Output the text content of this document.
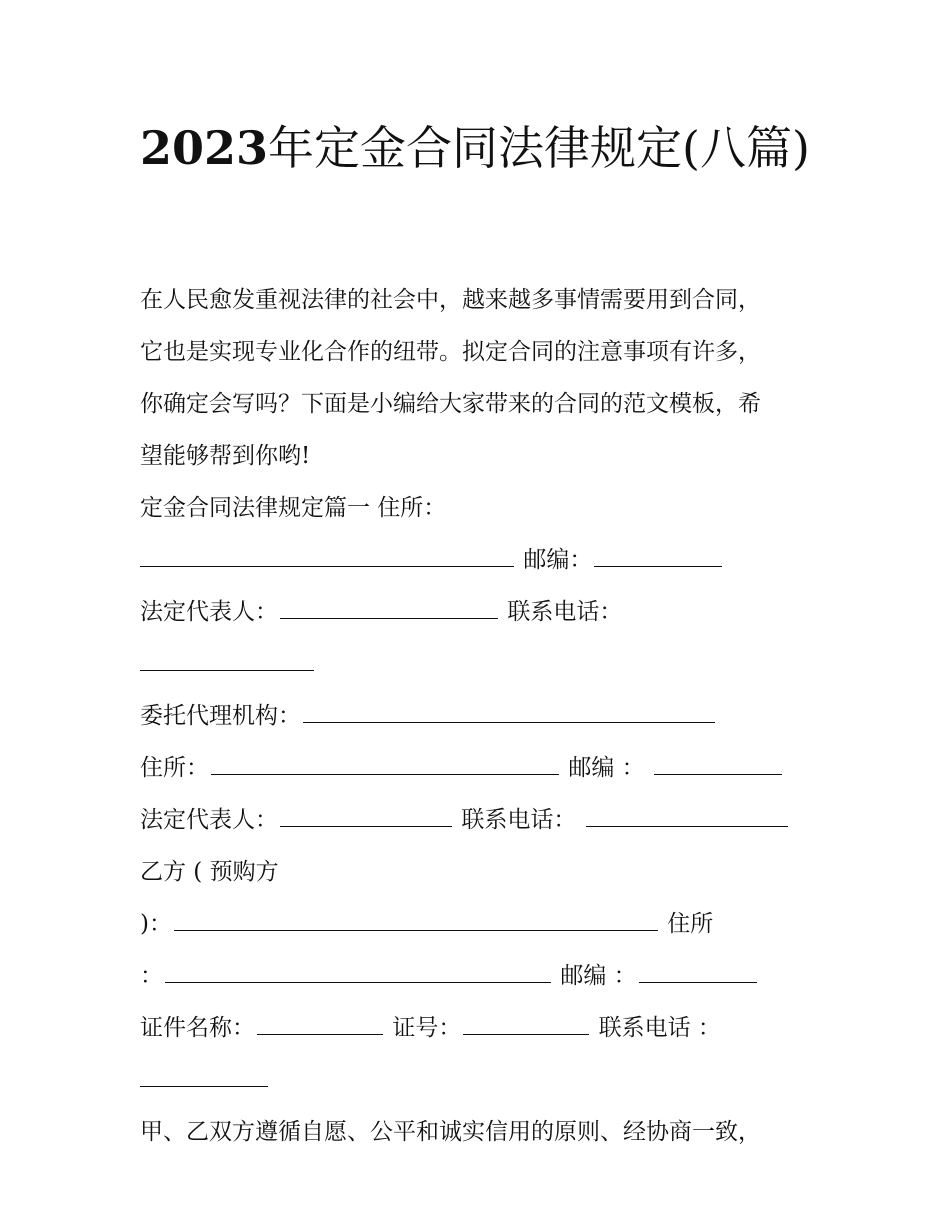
2023年定金合同法律规定(八篇)
在人民愈发重视法律的社会中，越来越多事情需要用到合同，
它也是实现专业化合作的纽带。拟定合同的注意事项有许多，
你确定会写吗？下面是小编给大家带来的合同的范文模板，希
望能够帮到你哟!
定金合同法律规定篇一 住所：
邮编：
法定代表人：	联系电话：
委托代理机构：
住所：	邮编 ：
法定代表人：	联系电话：
乙方 ( 预购方
)：	住所
：	邮编 ：
证件名称：	证号：	联系电话 ：
甲、乙双方遵循自愿、公平和诚实信用的原则、经协商一致，
